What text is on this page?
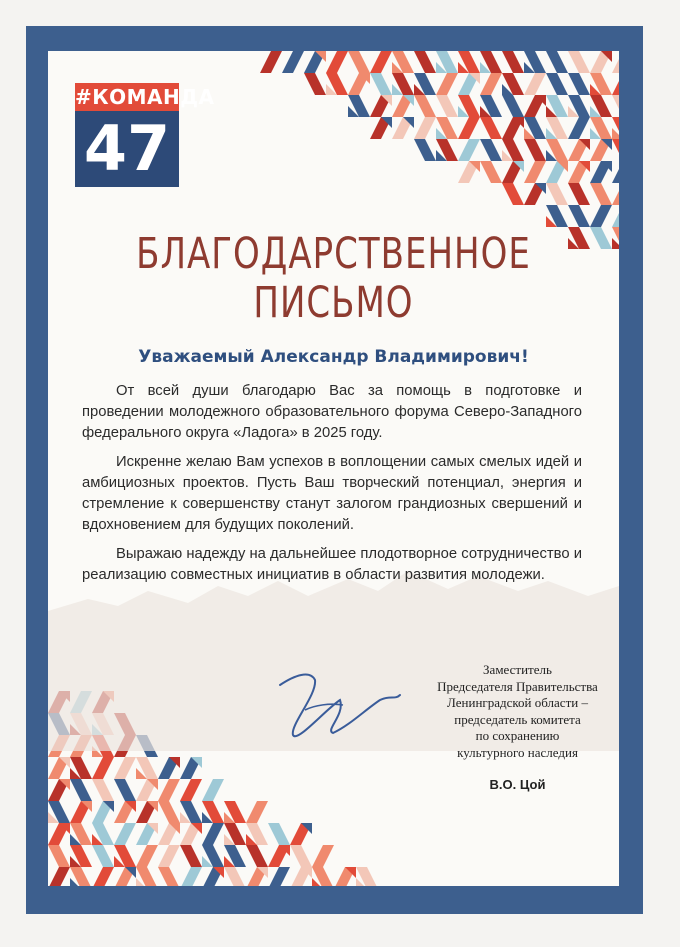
#КОМАНДА
47
БЛАГОДАРСТВЕННОЕ
ПИСЬМО
Уважаемый Александр Владимирович!

От всей души благодарю Вас за помощь в подготовке и проведении молодежного образовательного форума Северо-Западного федерального округа «Ладога» в 2025 году.

Искренне желаю Вам успехов в воплощении самых смелых идей и амбициозных проектов. Пусть Ваш творческий потенциал, энергия и стремление к совершенству станут залогом грандиозных свершений и вдохновением для будущих поколений.

Выражаю надежду на дальнейшее плодотворное сотрудничество и реализацию совместных инициатив в области развития молодежи.

Заместитель
Председателя Правительства
Ленинградской области –
председатель комитета
по сохранению
культурного наследия
В.О. Цой
